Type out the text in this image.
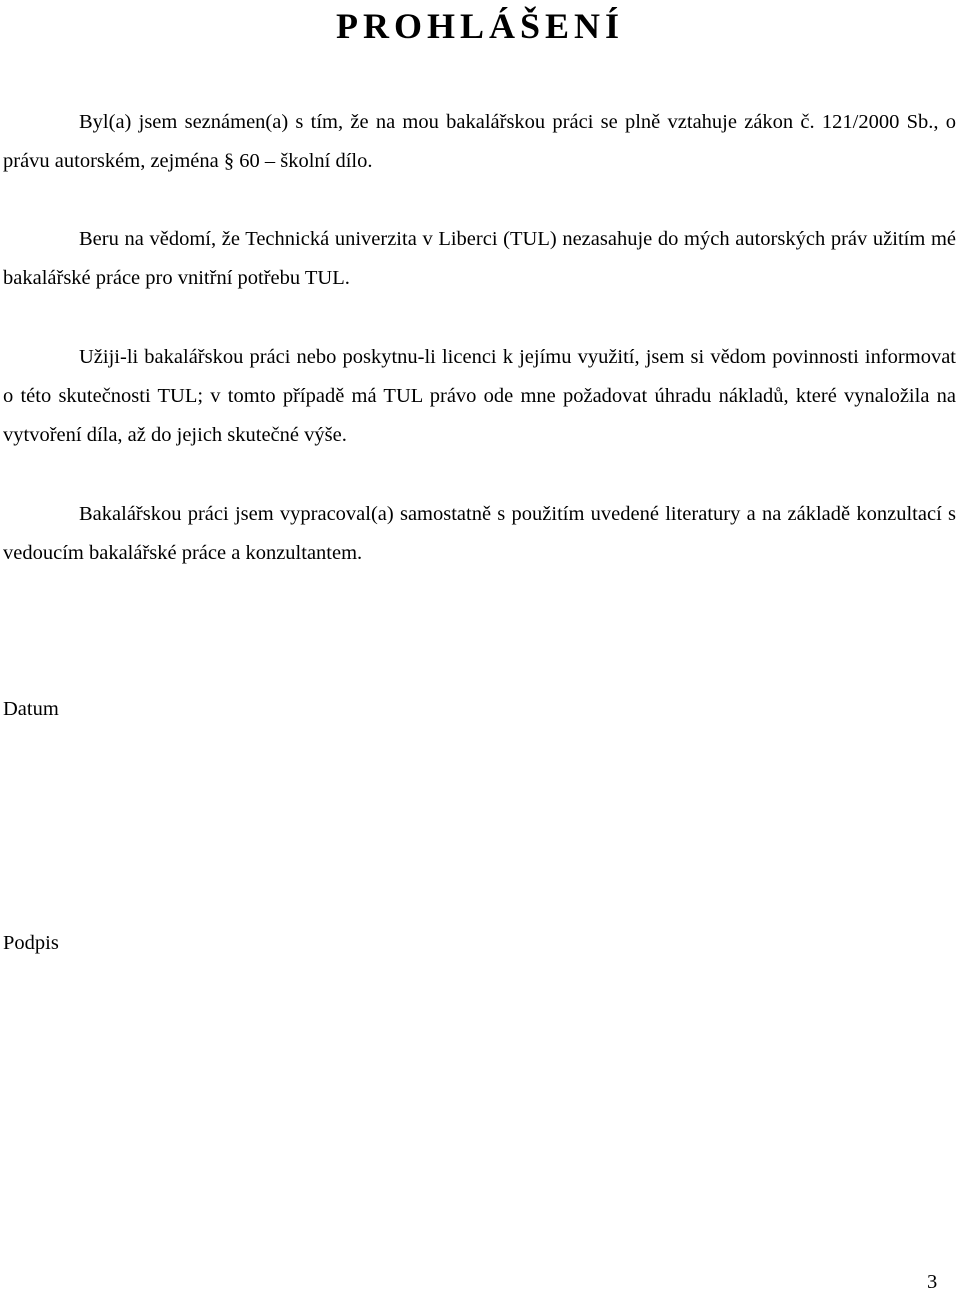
PROHLÁŠENÍ

Byl(a) jsem seznámen(a) s tím, že na mou bakalářskou práci se plně vztahuje zákon č. 121/2000 Sb., o právu autorském, zejména § 60 – školní dílo.

Beru na vědomí, že Technická univerzita v Liberci (TUL) nezasahuje do mých autorských práv užitím mé bakalářské práce pro vnitřní potřebu TUL.

Užiji-li bakalářskou práci nebo poskytnu-li licenci k jejímu využití, jsem si vědom povinnosti informovat o této skutečnosti TUL; v tomto případě má TUL právo ode mne požadovat úhradu nákladů, které vynaložila na vytvoření díla, až do jejich skutečné výše.

Bakalářskou práci jsem vypracoval(a) samostatně s použitím uvedené literatury a na základě konzultací s vedoucím bakalářské práce a konzultantem.

Datum
Podpis
3
